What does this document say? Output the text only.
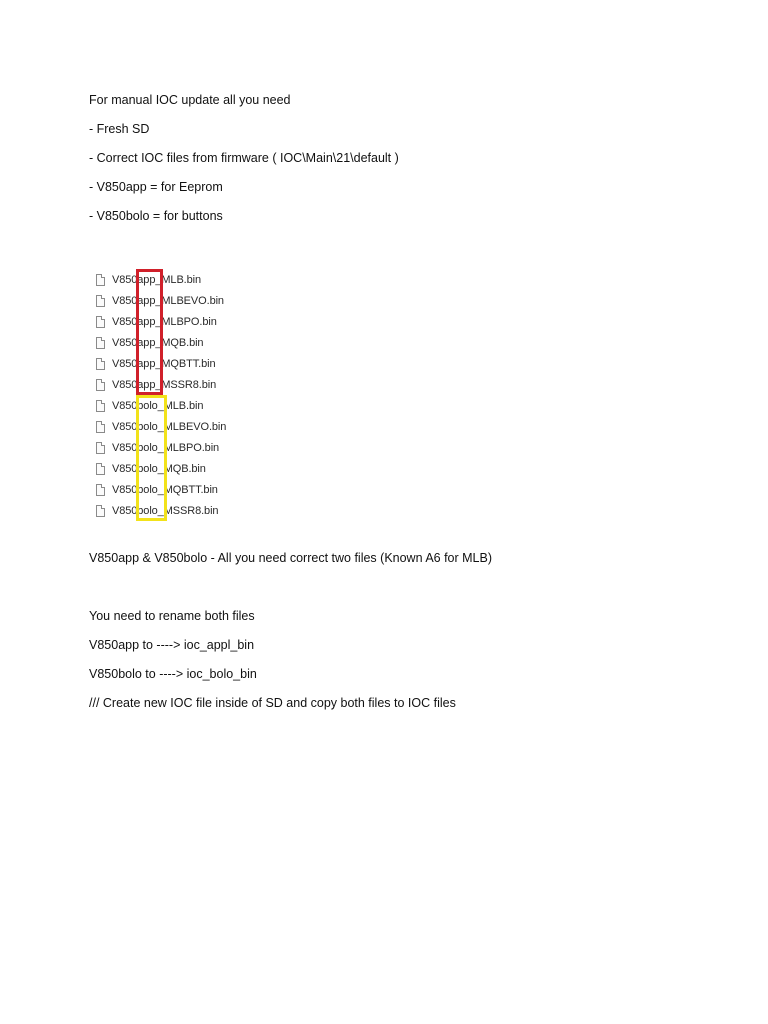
For manual IOC update all you need
- Fresh SD
- Correct IOC files from firmware ( IOC\Main\21\default )
- V850app = for Eeprom
- V850bolo = for buttons
V850app_MLB.bin
V850app_MLBEVO.bin
V850app_MLBPO.bin
V850app_MQB.bin
V850app_MQBTT.bin
V850app_MSSR8.bin
V850bolo_MLB.bin
V850bolo_MLBEVO.bin
V850bolo_MLBPO.bin
V850bolo_MQB.bin
V850bolo_MQBTT.bin
V850bolo_MSSR8.bin
V850app & V850bolo - All you need correct two files (Known A6 for MLB)
You need to rename both files
V850app to ----> ioc_appl_bin
V850bolo to ----> ioc_bolo_bin
/// Create new IOC file inside of SD and copy both files to IOC files
